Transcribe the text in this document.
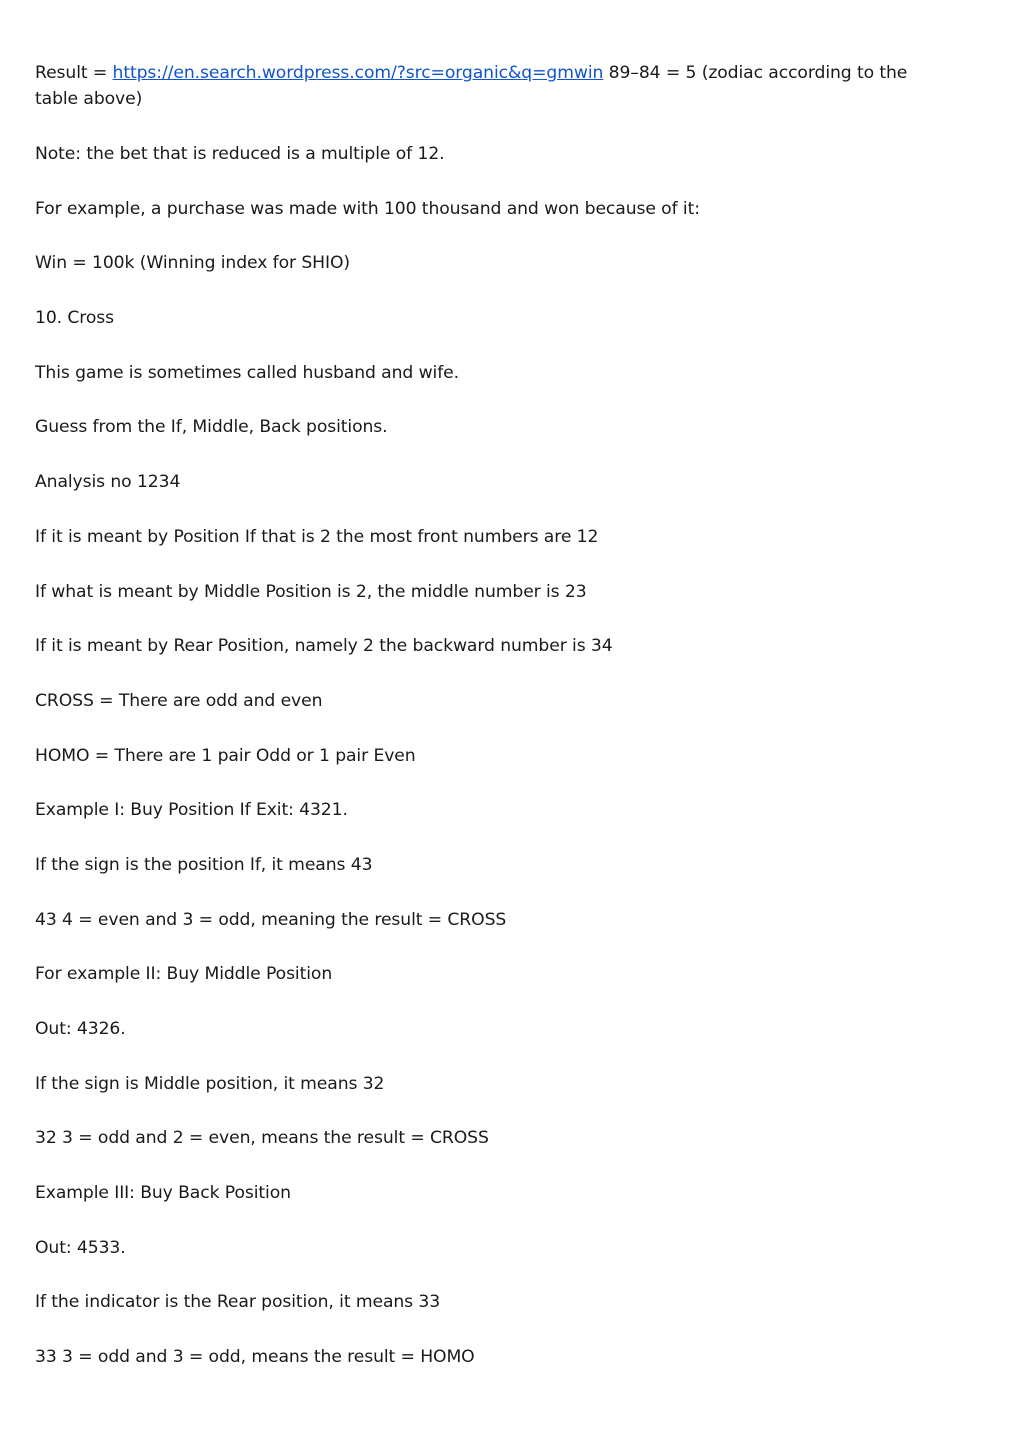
Result = https://en.search.wordpress.com/?src=organic&q=gmwin 89–84 = 5 (zodiac according to the table above)

Note: the bet that is reduced is a multiple of 12.

For example, a purchase was made with 100 thousand and won because of it:

Win = 100k (Winning index for SHIO)

10. Cross

This game is sometimes called husband and wife.

Guess from the If, Middle, Back positions.

Analysis no 1234

If it is meant by Position If that is 2 the most front numbers are 12

If what is meant by Middle Position is 2, the middle number is 23

If it is meant by Rear Position, namely 2 the backward number is 34

CROSS = There are odd and even

HOMO = There are 1 pair Odd or 1 pair Even

Example I: Buy Position If Exit: 4321.

If the sign is the position If, it means 43

43 4 = even and 3 = odd, meaning the result = CROSS

For example II: Buy Middle Position

Out: 4326.

If the sign is Middle position, it means 32

32 3 = odd and 2 = even, means the result = CROSS

Example III: Buy Back Position

Out: 4533.

If the indicator is the Rear position, it means 33

33 3 = odd and 3 = odd, means the result = HOMO
